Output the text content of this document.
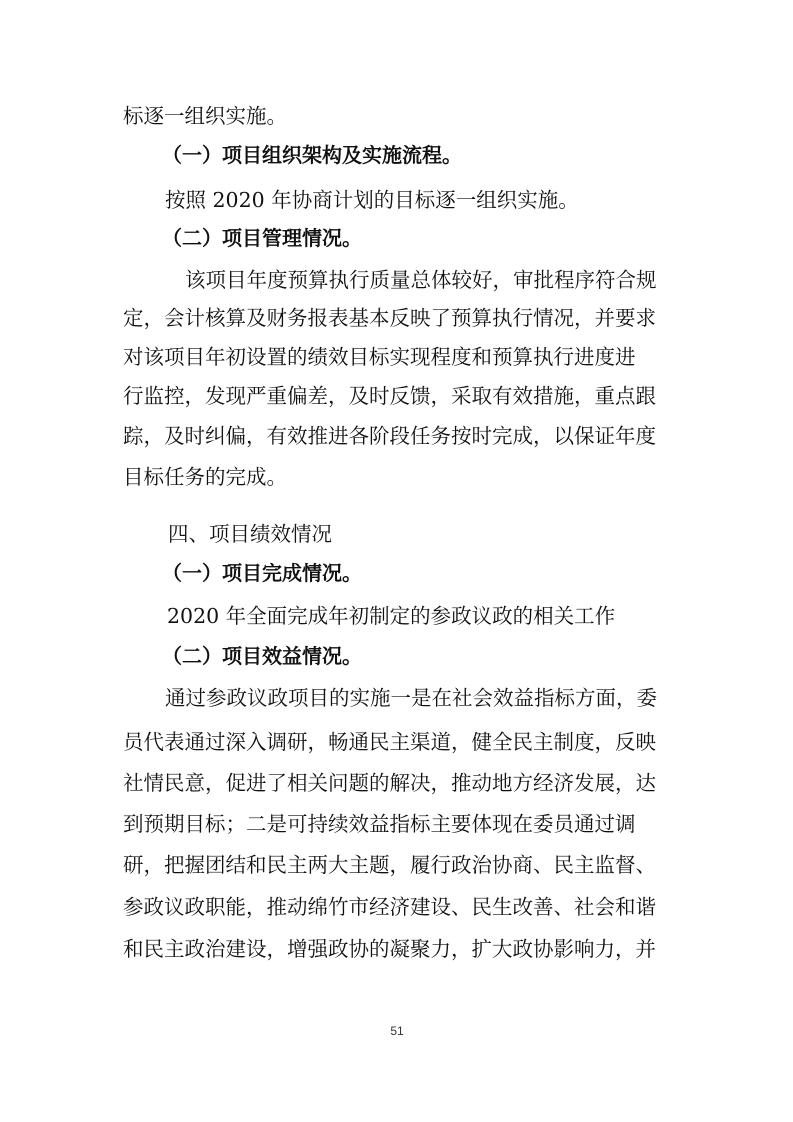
标逐一组织实施。
（一）项目组织架构及实施流程。
按照 2020 年协商计划的目标逐一组织实施。
（二）项目管理情况。
该项目年度预算执行质量总体较好，审批程序符合规
定，会计核算及财务报表基本反映了预算执行情况，并要求
对该项目年初设置的绩效目标实现程度和预算执行进度进
行监控，发现严重偏差，及时反馈，采取有效措施，重点跟
踪，及时纠偏，有效推进各阶段任务按时完成，以保证年度
目标任务的完成。
四、项目绩效情况
（一）项目完成情况。
2020 年全面完成年初制定的参政议政的相关工作
（二）项目效益情况。
通过参政议政项目的实施一是在社会效益指标方面，委
员代表通过深入调研，畅通民主渠道，健全民主制度，反映
社情民意，促进了相关问题的解决，推动地方经济发展，达
到预期目标；二是可持续效益指标主要体现在委员通过调
研，把握团结和民主两大主题，履行政治协商、民主监督、
参政议政职能，推动绵竹市经济建设、民生改善、社会和谐
和民主政治建设，增强政协的凝聚力，扩大政协影响力，并
51
